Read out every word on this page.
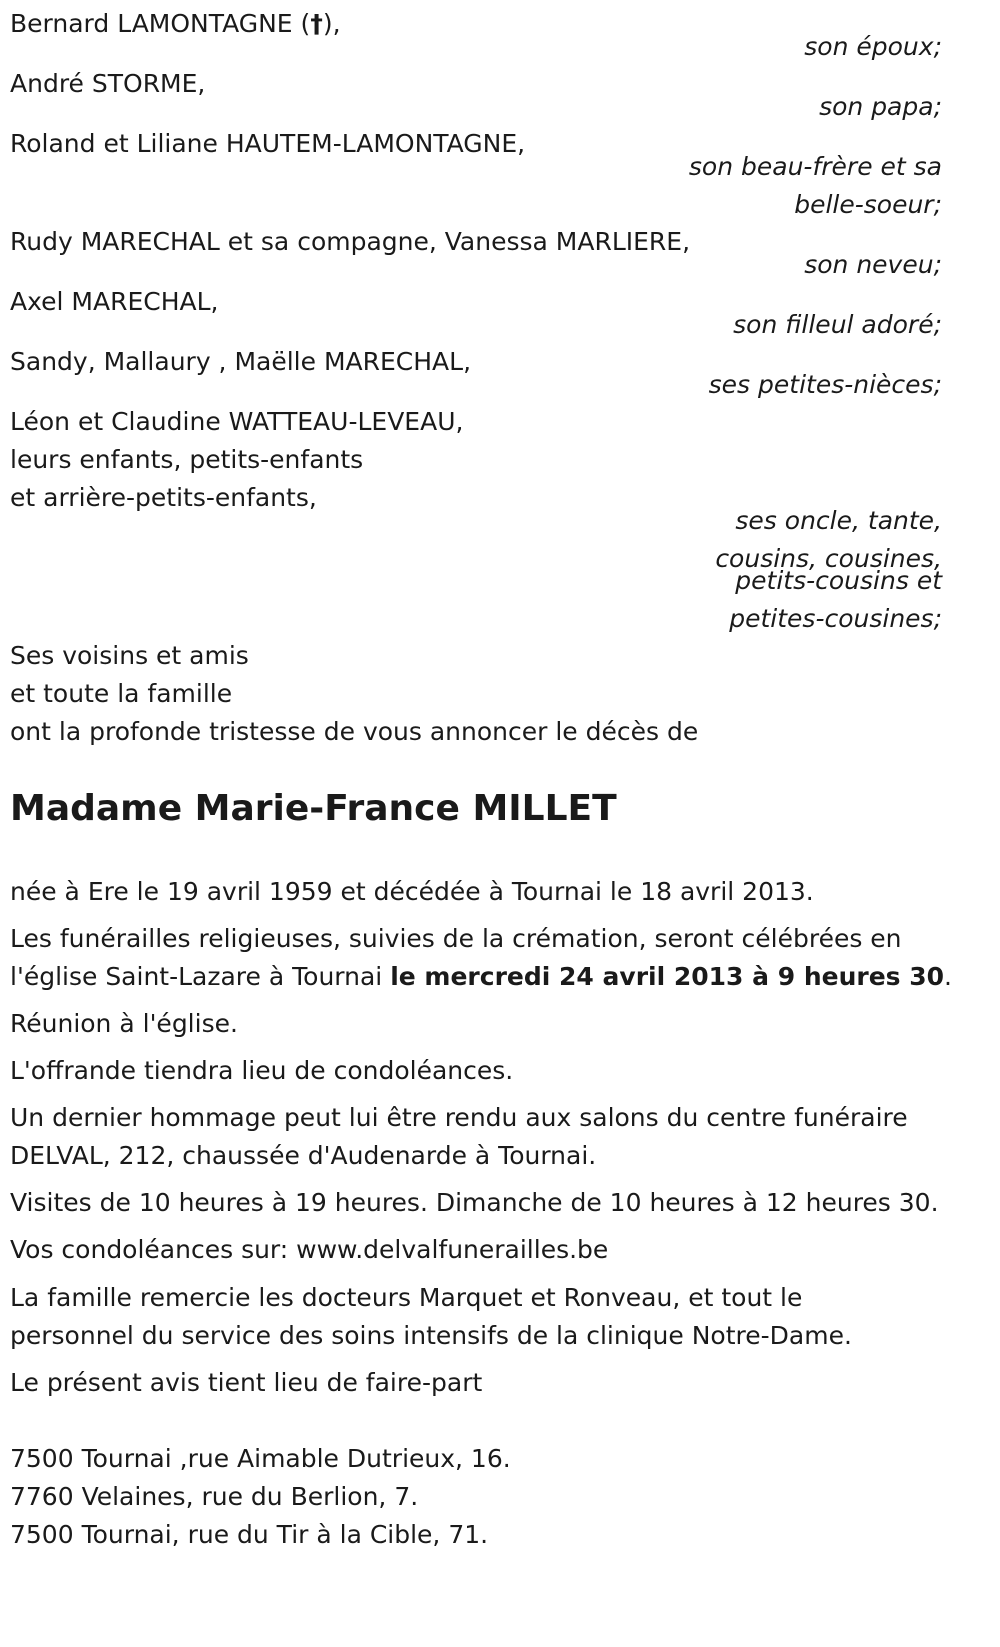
Bernard LAMONTAGNE (†),
son époux;
André STORME,
son papa;
Roland et Liliane HAUTEM-LAMONTAGNE,
son beau-frère et sa
belle-soeur;
Rudy MARECHAL et sa compagne, Vanessa MARLIERE,
son neveu;
Axel MARECHAL,
son filleul adoré;
Sandy, Mallaury , Maëlle MARECHAL,
ses petites-nièces;
Léon et Claudine WATTEAU-LEVEAU,
leurs enfants, petits-enfants
et arrière-petits-enfants,
ses oncle, tante,
cousins, cousines,
petits-cousins et
petites-cousines;
Ses voisins et amis
et toute la famille
ont la profonde tristesse de vous annoncer le décès de
Madame Marie-France MILLET
née à Ere le 19 avril 1959 et décédée à Tournai le 18 avril 2013.
Les funérailles religieuses, suivies de la crémation, seront célébrées en
l'église Saint-Lazare à Tournai le mercredi 24 avril 2013 à 9 heures 30.
Réunion à l'église.
L'offrande tiendra lieu de condoléances.
Un dernier hommage peut lui être rendu aux salons du centre funéraire
DELVAL, 212, chaussée d'Audenarde à Tournai.
Visites de 10 heures à 19 heures. Dimanche de 10 heures à 12 heures 30.
Vos condoléances sur: www.delvalfunerailles.be
La famille remercie les docteurs Marquet et Ronveau, et tout le
personnel du service des soins intensifs de la clinique Notre-Dame.
Le présent avis tient lieu de faire-part
7500 Tournai ,rue Aimable Dutrieux, 16.
7760 Velaines, rue du Berlion, 7.
7500 Tournai, rue du Tir à la Cible, 71.
